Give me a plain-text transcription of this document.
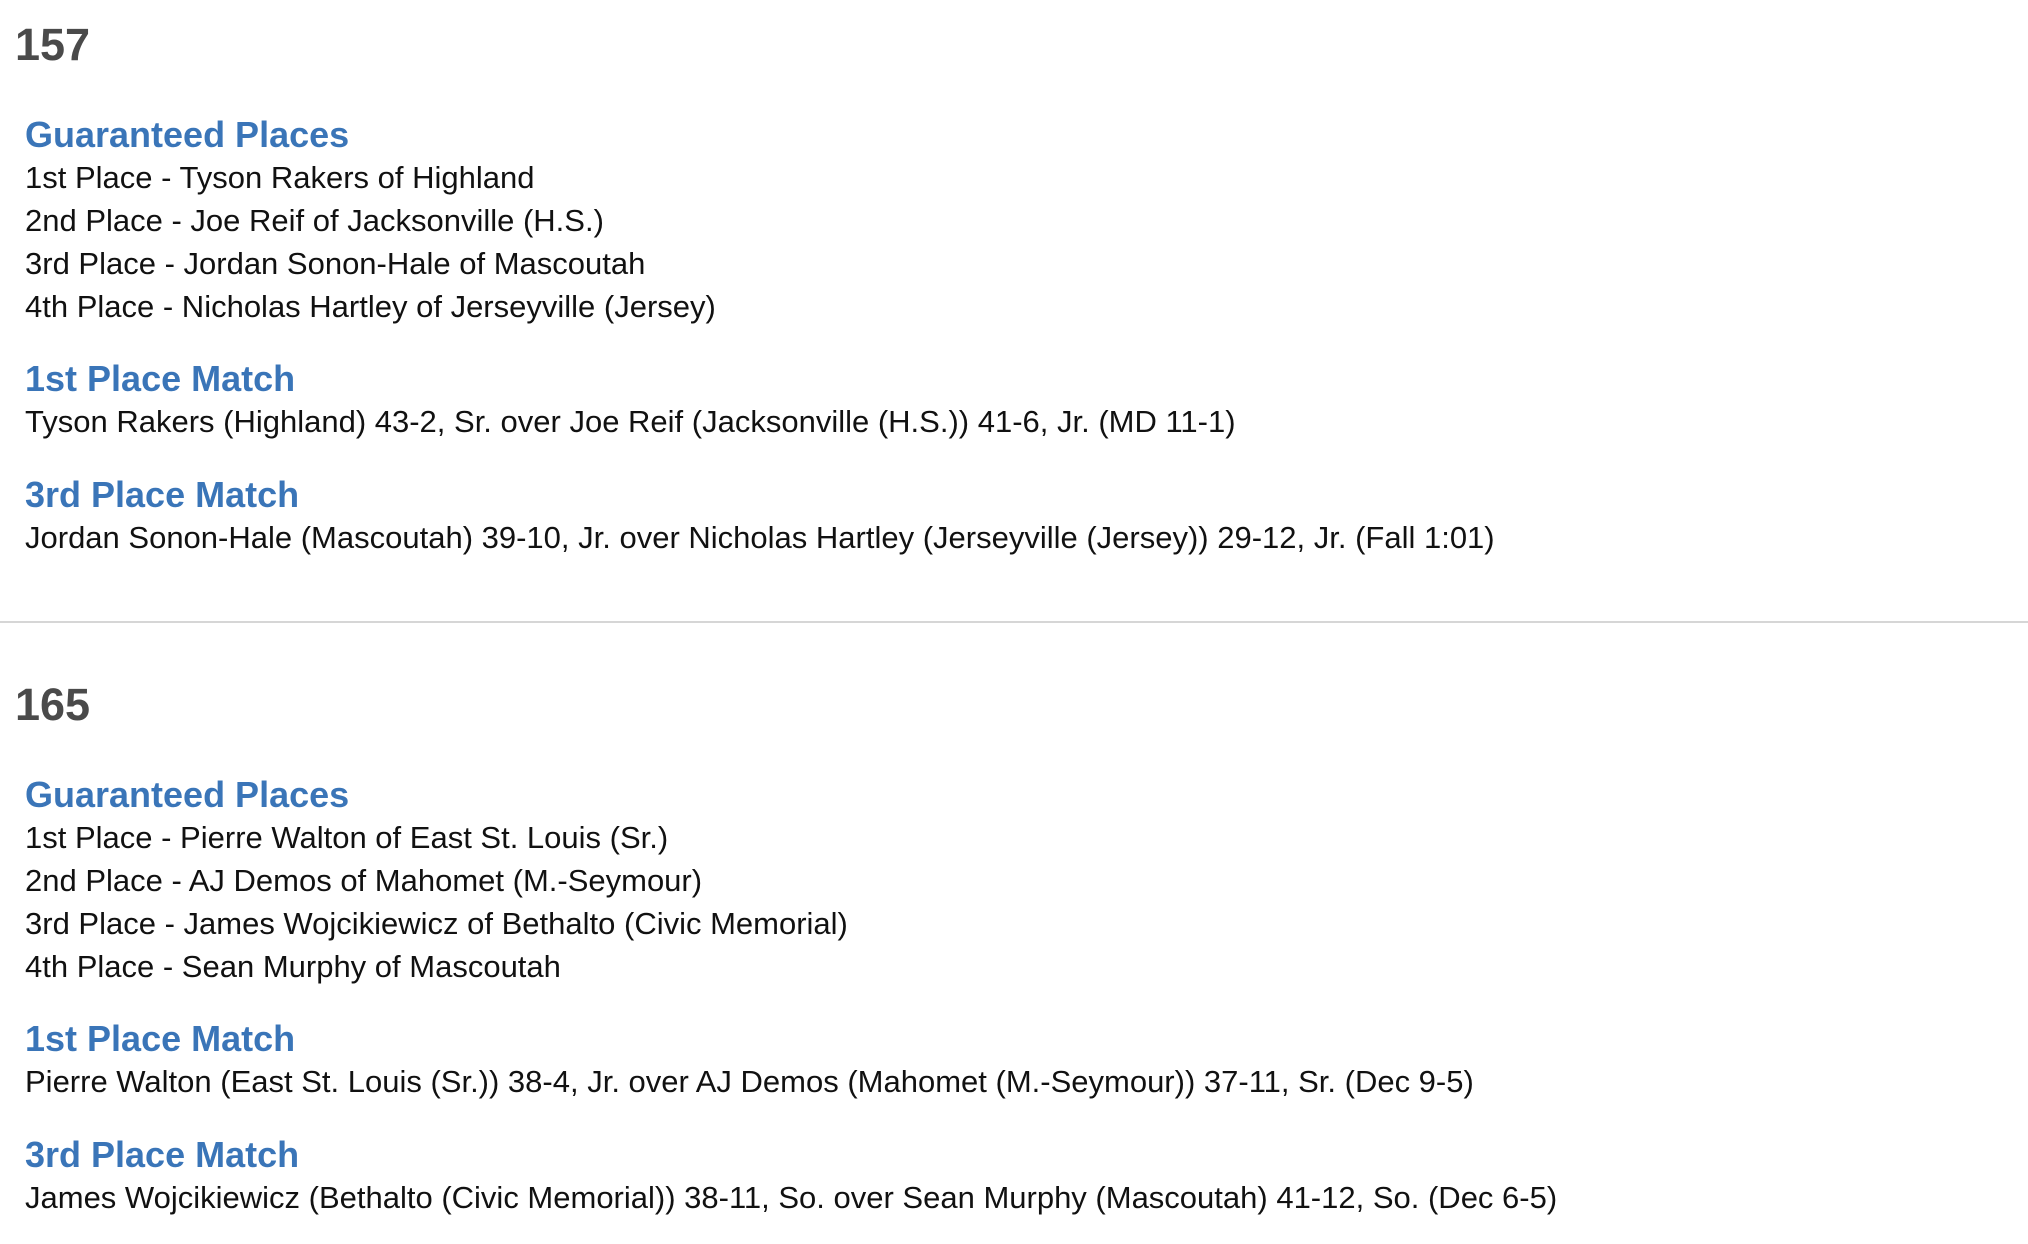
157
Guaranteed Places

1st Place - Tyson Rakers of Highland

2nd Place - Joe Reif of Jacksonville (H.S.)

3rd Place - Jordan Sonon-Hale of Mascoutah

4th Place - Nicholas Hartley of Jerseyville (Jersey)

1st Place Match

Tyson Rakers (Highland) 43-2, Sr. over Joe Reif (Jacksonville (H.S.)) 41-6, Jr. (MD 11-1)

3rd Place Match

Jordan Sonon-Hale (Mascoutah) 39-10, Jr. over Nicholas Hartley (Jerseyville (Jersey)) 29-12, Jr. (Fall 1:01)

165
Guaranteed Places

1st Place - Pierre Walton of East St. Louis (Sr.)

2nd Place - AJ Demos of Mahomet (M.-Seymour)

3rd Place - James Wojcikiewicz of Bethalto (Civic Memorial)

4th Place - Sean Murphy of Mascoutah

1st Place Match

Pierre Walton (East St. Louis (Sr.)) 38-4, Jr. over AJ Demos (Mahomet (M.-Seymour)) 37-11, Sr. (Dec 9-5)

3rd Place Match

James Wojcikiewicz (Bethalto (Civic Memorial)) 38-11, So. over Sean Murphy (Mascoutah) 41-12, So. (Dec 6-5)
